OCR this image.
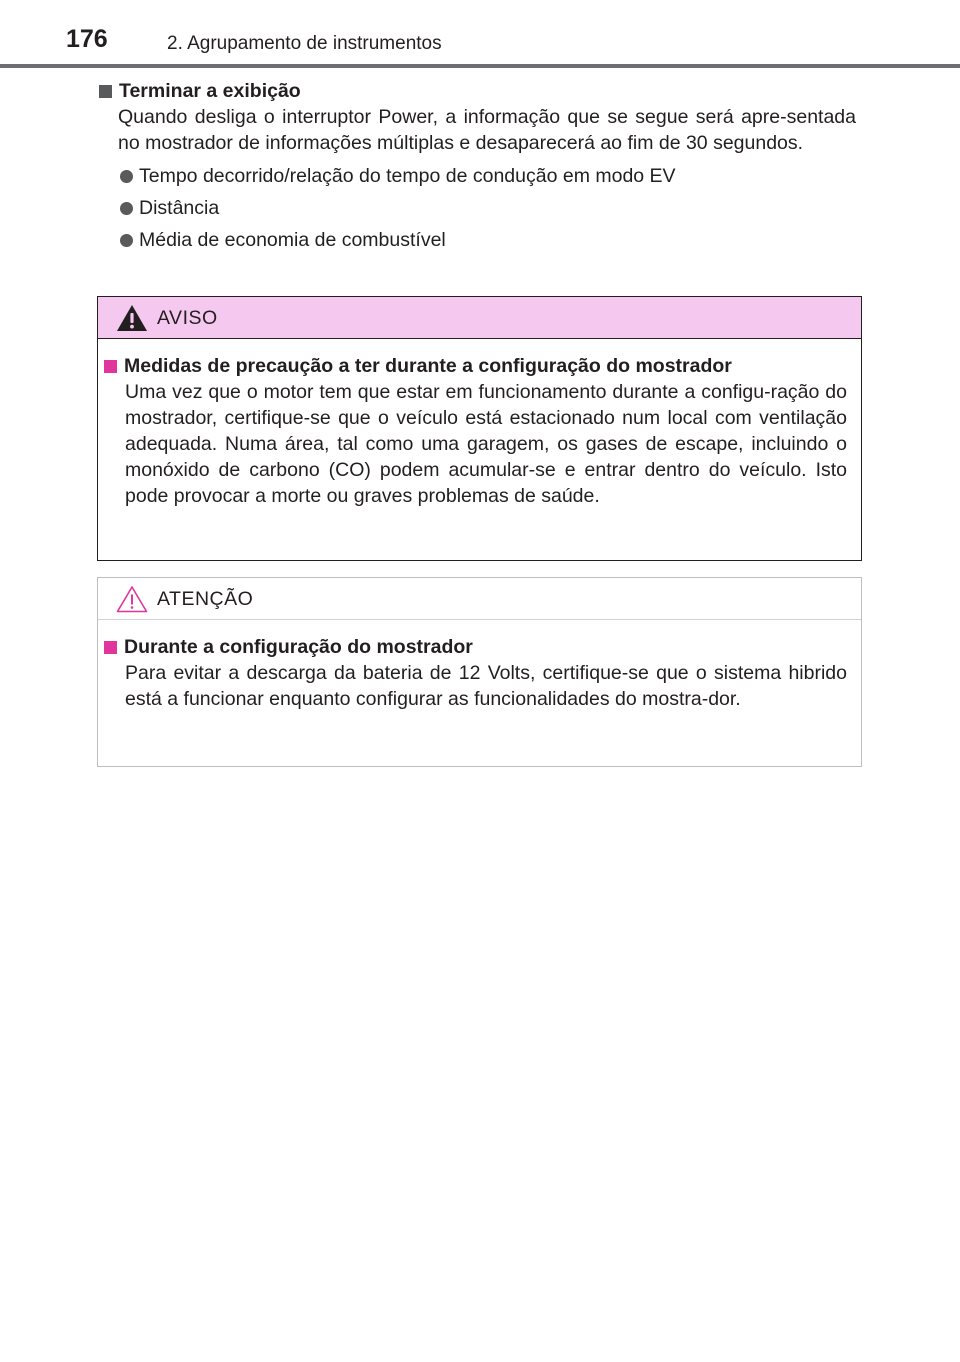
176	2. Agrupamento de instrumentos
Terminar a exibição

Quando desliga o interruptor Power, a informação que se segue será apre-sentada no mostrador de informações múltiplas e desaparecerá ao fim de 30 segundos.

Tempo decorrido/relação do tempo de condução em modo EV
Distância
Média de economia de combustível
AVISO
Medidas de precaução a ter durante a configuração do mostrador

Uma vez que o motor tem que estar em funcionamento durante a configu-ração do mostrador, certifique-se que o veículo está estacionado num local com ventilação adequada. Numa área, tal como uma garagem, os gases de escape, incluindo o monóxido de carbono (CO) podem acumular-se e entrar dentro do veículo. Isto pode provocar a morte ou graves problemas de saúde.

ATENÇÃO
Durante a configuração do mostrador

Para evitar a descarga da bateria de 12 Volts, certifique-se que o sistema hibrido está a funcionar enquanto configurar as funcionalidades do mostra-dor.
